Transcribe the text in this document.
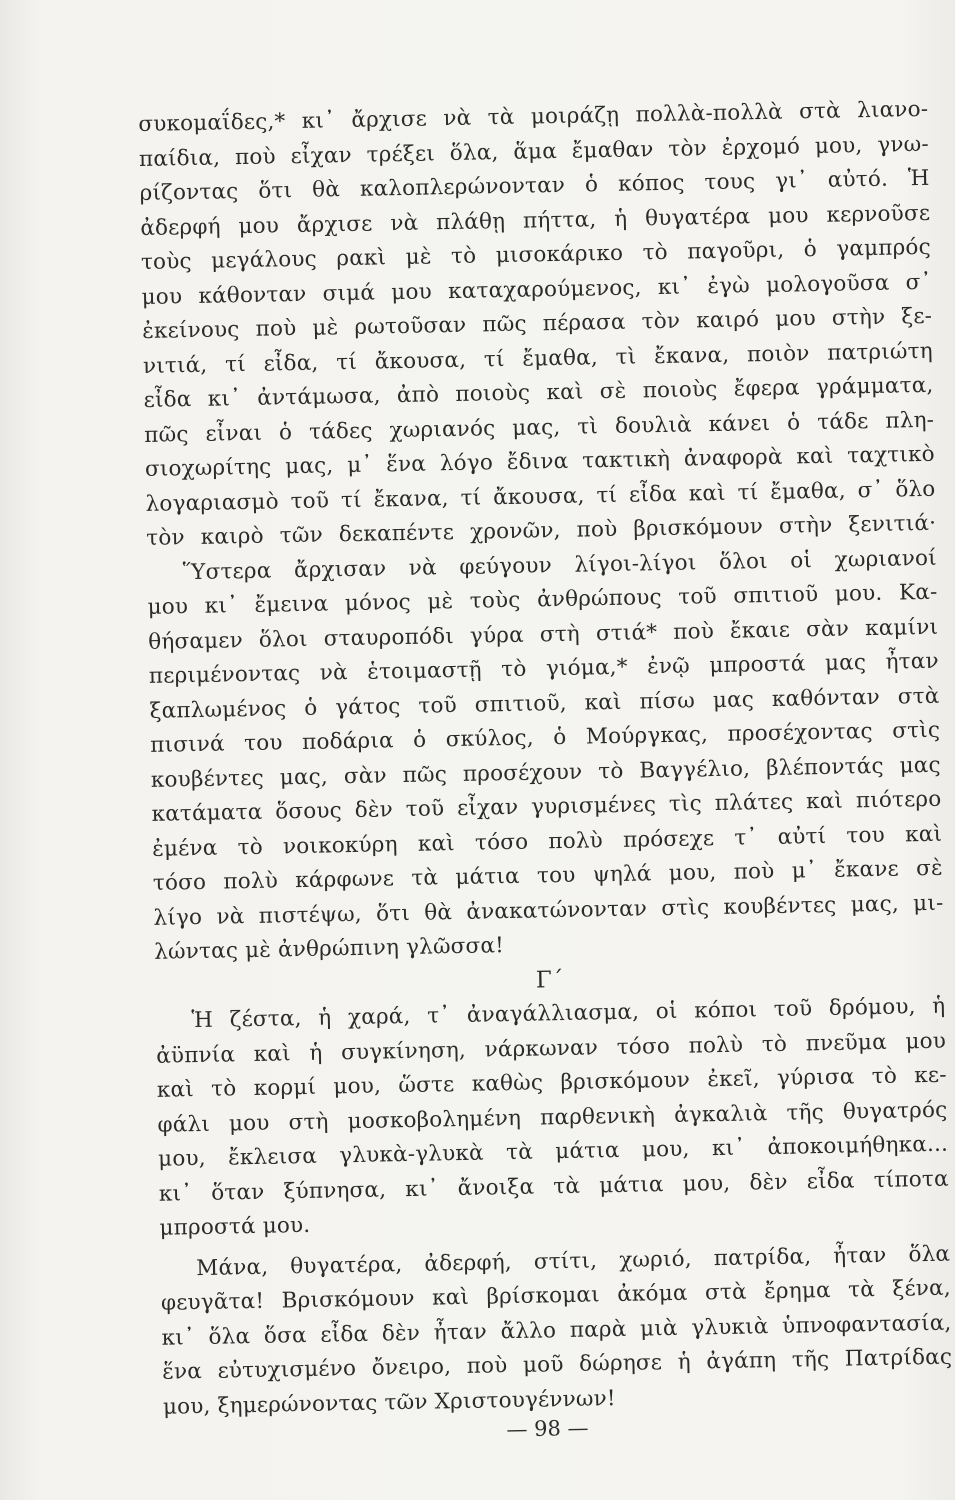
συκομαΐδες,* κι᾿ ἄρχισε νὰ τὰ μοιράζῃ πολλὰ-πολλὰ στὰ λιανο-
παίδια, ποὺ εἶχαν τρέξει ὅλα, ἅμα ἔμαθαν τὸν ἐρχομό μου, γνω-
ρίζοντας ὅτι θὰ καλοπλερώνονταν ὁ κόπος τους γι᾿ αὐτό. Ἡ
ἀδερφή μου ἄρχισε νὰ πλάθῃ πήττα, ἡ θυγατέρα μου κερνοῦσε
τοὺς μεγάλους ρακὶ μὲ τὸ μισοκάρικο τὸ παγοῦρι, ὁ γαμπρός
μου κάθονταν σιμά μου καταχαρούμενος, κι᾿ ἐγὼ μολογοῦσα σ᾿
ἐκείνους ποὺ μὲ ρωτοῦσαν πῶς πέρασα τὸν καιρό μου στὴν ξε-
νιτιά, τί εἶδα, τί ἄκουσα, τί ἔμαθα, τὶ ἔκανα, ποιὸν πατριώτη
εἶδα κι᾿ ἀντάμωσα, ἀπὸ ποιοὺς καὶ σὲ ποιοὺς ἔφερα γράμματα,
πῶς εἶναι ὁ τάδες χωριανός μας, τὶ δουλιὰ κάνει ὁ τάδε πλη-
σιοχωρίτης μας, μ᾿ ἕνα λόγο ἔδινα τακτικὴ ἀναφορὰ καὶ ταχτικὸ
λογαριασμὸ τοῦ τί ἔκανα, τί ἄκουσα, τί εἶδα καὶ τί ἔμαθα, σ᾿ ὅλο
τὸν καιρὸ τῶν δεκαπέντε χρονῶν, ποὺ βρισκόμουν στὴν ξενιτιά·
Ὕστερα ἄρχισαν νὰ φεύγουν λίγοι-λίγοι ὅλοι οἱ χωριανοί
μου κι᾿ ἔμεινα μόνος μὲ τοὺς ἀνθρώπους τοῦ σπιτιοῦ μου. Κα-
θήσαμεν ὅλοι σταυροπόδι γύρα στὴ στιά* ποὺ ἔκαιε σὰν καμίνι
περιμένοντας νὰ ἑτοιμαστῇ τὸ γιόμα,* ἐνῷ μπροστά μας ἦταν
ξαπλωμένος ὁ γάτος τοῦ σπιτιοῦ, καὶ πίσω μας καθόνταν στὰ
πισινά του ποδάρια ὁ σκύλος, ὁ Μούργκας, προσέχοντας στὶς
κουβέντες μας, σὰν πῶς προσέχουν τὸ Βαγγέλιο, βλέποντάς μας
κατάματα ὅσους δὲν τοῦ εἶχαν γυρισμένες τὶς πλάτες καὶ πιότερο
ἐμένα τὸ νοικοκύρη καὶ τόσο πολὺ πρόσεχε τ᾿ αὐτί του καὶ
τόσο πολὺ κάρφωνε τὰ μάτια του ψηλά μου, ποὺ μ᾿ ἔκανε σὲ
λίγο νὰ πιστέψω, ὅτι θὰ ἀνακατώνονταν στὶς κουβέντες μας, μι-
λώντας μὲ ἀνθρώπινη γλῶσσα!
Γ΄
Ἡ ζέστα, ἡ χαρά, τ᾿ ἀναγάλλιασμα, οἱ κόποι τοῦ δρόμου, ἡ
ἀϋπνία καὶ ἡ συγκίνηση, νάρκωναν τόσο πολὺ τὸ πνεῦμα μου
καὶ τὸ κορμί μου, ὥστε καθὼς βρισκόμουν ἐκεῖ, γύρισα τὸ κε-
φάλι μου στὴ μοσκοβολημένη παρθενικὴ ἀγκαλιὰ τῆς θυγατρός
μου, ἔκλεισα γλυκὰ-γλυκὰ τὰ μάτια μου, κι᾿ ἀποκοιμήθηκα...
κι᾿ ὅταν ξύπνησα, κι᾿ ἄνοιξα τὰ μάτια μου, δὲν εἶδα τίποτα
μπροστά μου.
Μάνα, θυγατέρα, ἀδερφή, στίτι, χωριό, πατρίδα, ἦταν ὅλα
φευγᾶτα! Βρισκόμουν καὶ βρίσκομαι ἀκόμα στὰ ἔρημα τὰ ξένα,
κι᾿ ὅλα ὅσα εἶδα δὲν ἦταν ἄλλο παρὰ μιὰ γλυκιὰ ὑπνοφαντασία,
ἕνα εὐτυχισμένο ὄνειρο, ποὺ μοῦ δώρησε ἡ ἀγάπη τῆς Πατρίδας
μου, ξημερώνοντας τῶν Χριστουγέννων!
— 98 —
